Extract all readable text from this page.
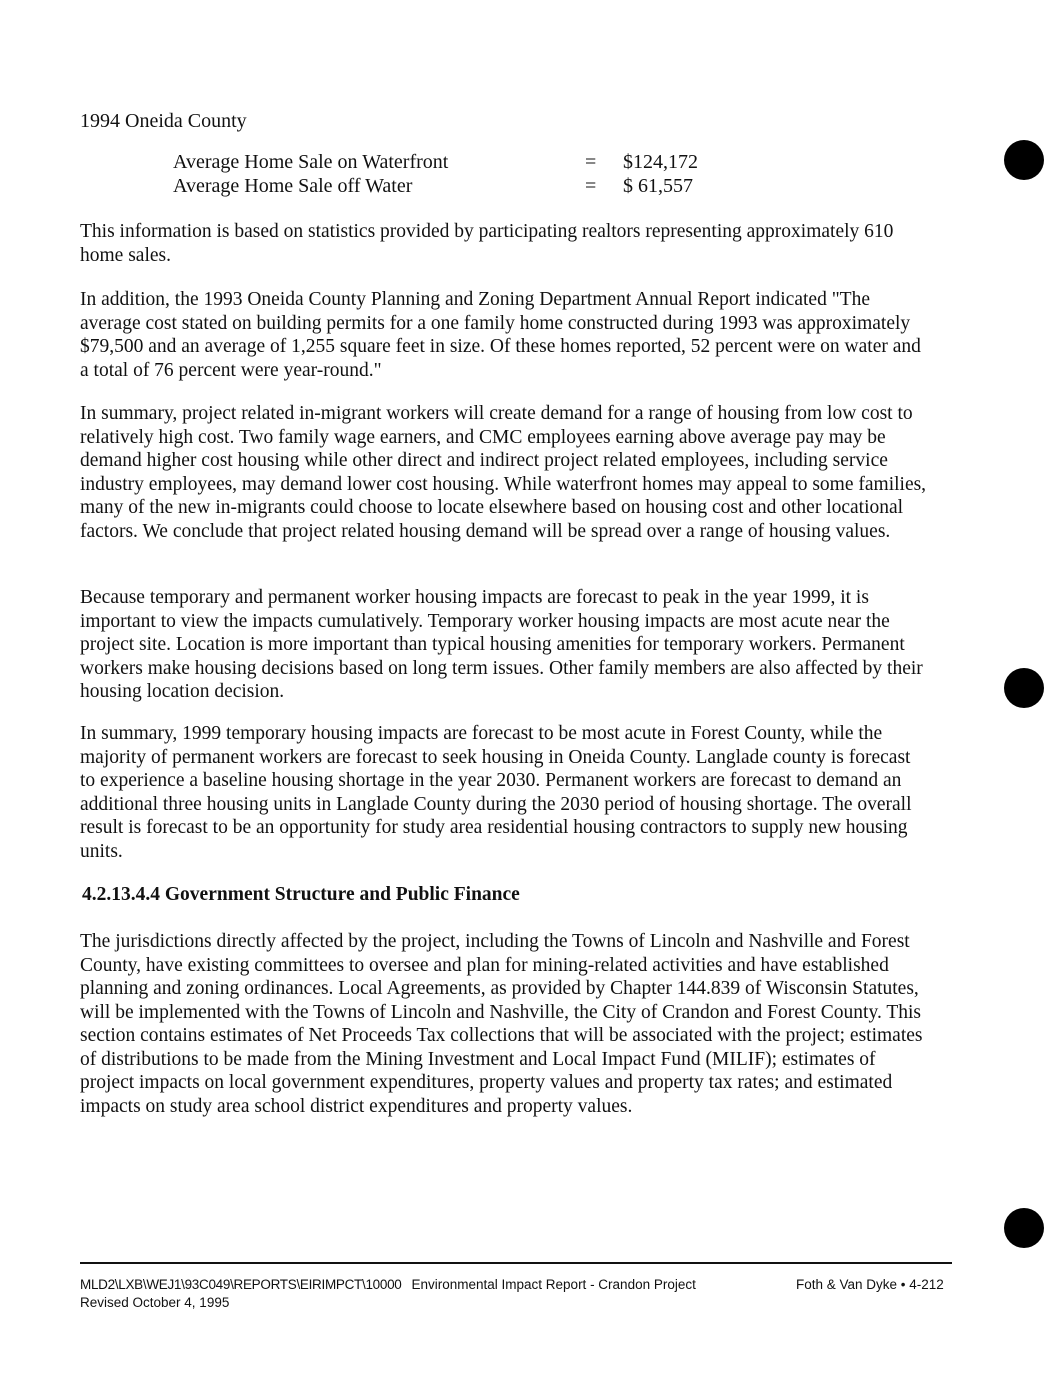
1994 Oneida County
Average Home Sale on Waterfront	= $124,172
Average Home Sale off Water	= $ 61,557

This information is based on statistics provided by participating realtors representing approximately 610 home sales.

In addition, the 1993 Oneida County Planning and Zoning Department Annual Report indicated "The average cost stated on building permits for a one family home constructed during 1993 was approximately $79,500 and an average of 1,255 square feet in size. Of these homes reported, 52 percent were on water and a total of 76 percent were year-round."

In summary, project related in-migrant workers will create demand for a range of housing from low cost to relatively high cost. Two family wage earners, and CMC employees earning above average pay may be demand higher cost housing while other direct and indirect project related employees, including service industry employees, may demand lower cost housing. While waterfront homes may appeal to some families, many of the new in-migrants could choose to locate elsewhere based on housing cost and other locational factors. We conclude that project related housing demand will be spread over a range of housing values.

Because temporary and permanent worker housing impacts are forecast to peak in the year 1999, it is important to view the impacts cumulatively. Temporary worker housing impacts are most acute near the project site. Location is more important than typical housing amenities for temporary workers. Permanent workers make housing decisions based on long term issues. Other family members are also affected by their housing location decision.

In summary, 1999 temporary housing impacts are forecast to be most acute in Forest County, while the majority of permanent workers are forecast to seek housing in Oneida County. Langlade county is forecast to experience a baseline housing shortage in the year 2030. Permanent workers are forecast to demand an additional three housing units in Langlade County during the 2030 period of housing shortage. The overall result is forecast to be an opportunity for study area residential housing contractors to supply new housing units.

4.2.13.4.4 Government Structure and Public Finance

The jurisdictions directly affected by the project, including the Towns of Lincoln and Nashville and Forest County, have existing committees to oversee and plan for mining-related activities and have established planning and zoning ordinances. Local Agreements, as provided by Chapter 144.839 of Wisconsin Statutes, will be implemented with the Towns of Lincoln and Nashville, the City of Crandon and Forest County. This section contains estimates of Net Proceeds Tax collections that will be associated with the project; estimates of distributions to be made from the Mining Investment and Local Impact Fund (MILIF); estimates of project impacts on local government expenditures, property values and property tax rates; and estimated impacts on study area school district expenditures and property values.

MLD2\LXB\WEJ1\93C049\REPORTS\EIRIMPCT\10000 Environmental Impact Report - Crandon Project
Revised October 4, 1995
Foth & Van Dyke • 4-212
